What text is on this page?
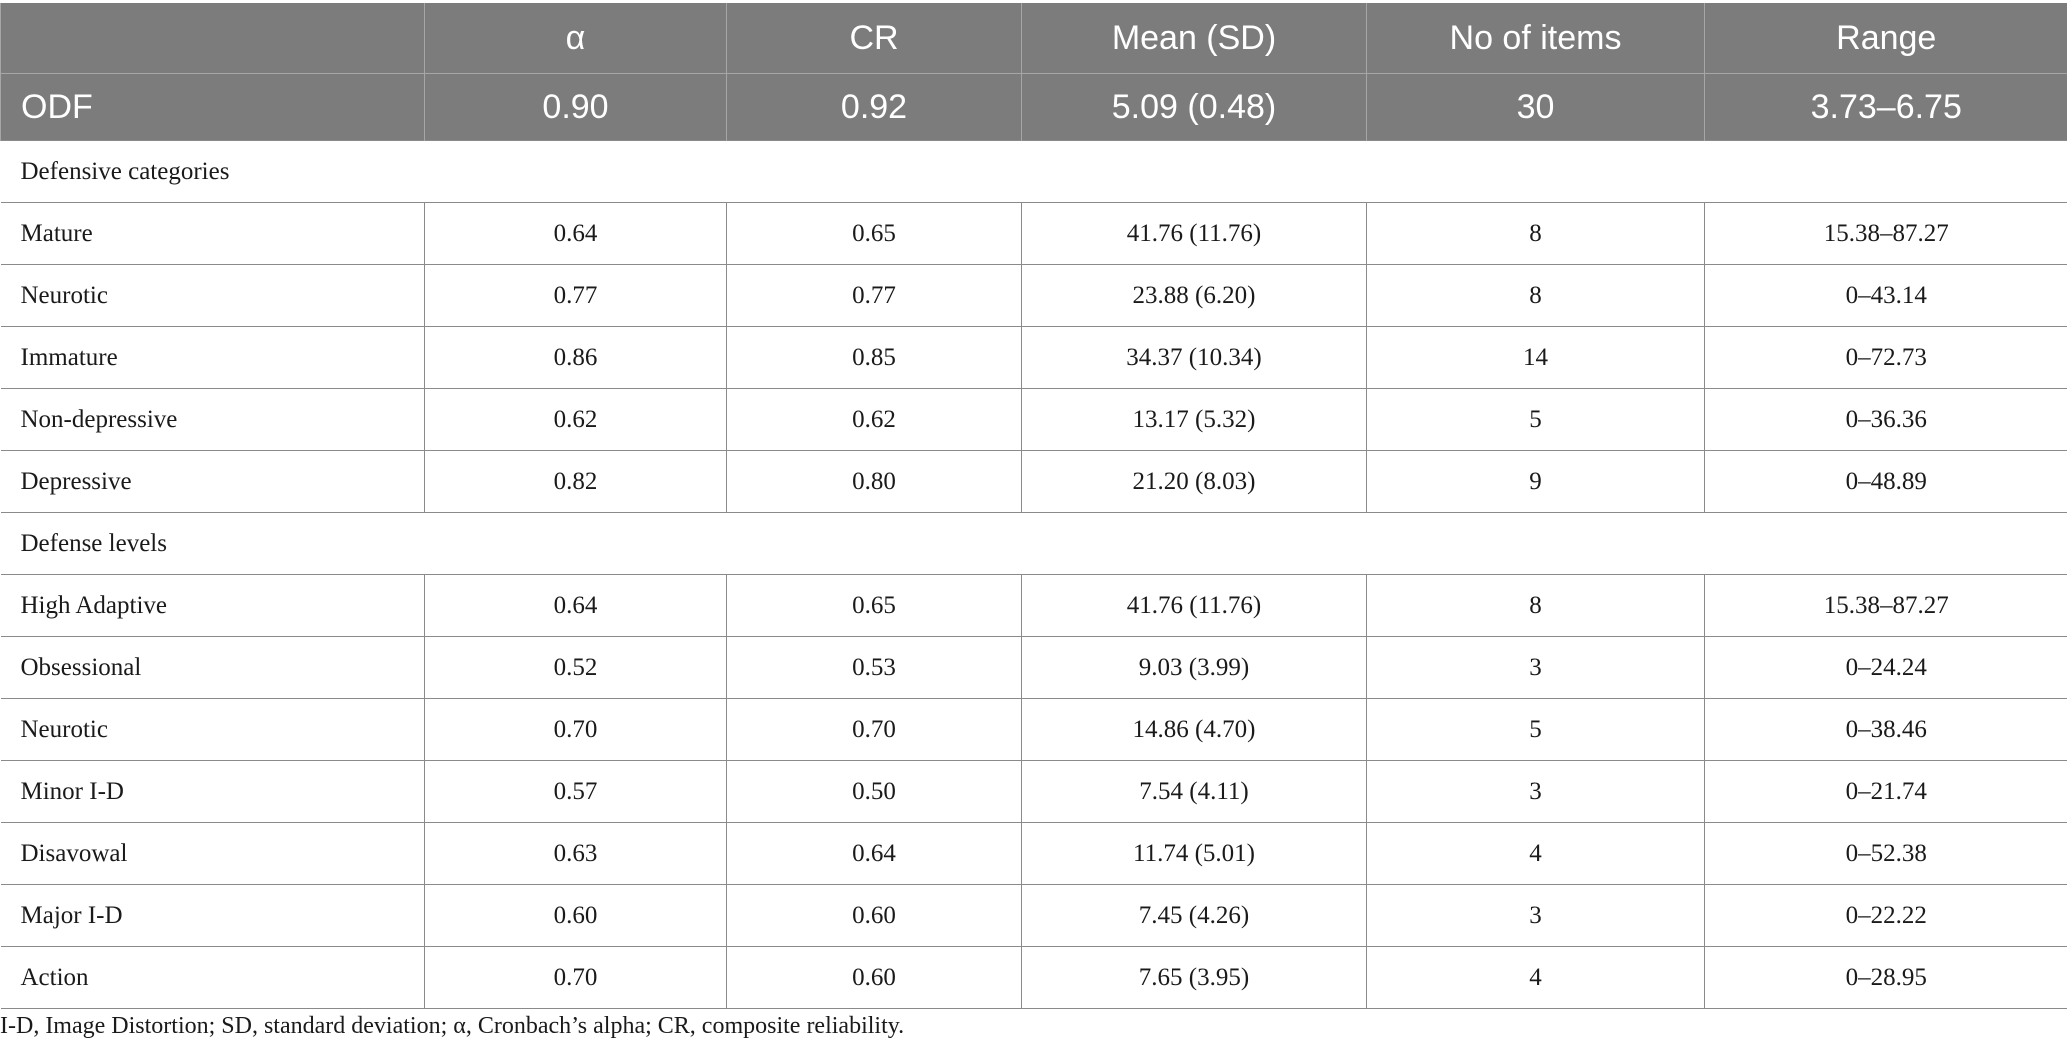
	α	CR	Mean (SD)	No of items	Range
ODF	0.90	0.92	5.09 (0.48)	30	3.73–6.75
Defensive categories					
Mature	0.64	0.65	41.76 (11.76)	8	15.38–87.27
Neurotic	0.77	0.77	23.88 (6.20)	8	0–43.14
Immature	0.86	0.85	34.37 (10.34)	14	0–72.73
Non-depressive	0.62	0.62	13.17 (5.32)	5	0–36.36
Depressive	0.82	0.80	21.20 (8.03)	9	0–48.89
Defense levels					
High Adaptive	0.64	0.65	41.76 (11.76)	8	15.38–87.27
Obsessional	0.52	0.53	9.03 (3.99)	3	0–24.24
Neurotic	0.70	0.70	14.86 (4.70)	5	0–38.46
Minor I-D	0.57	0.50	7.54 (4.11)	3	0–21.74
Disavowal	0.63	0.64	11.74 (5.01)	4	0–52.38
Major I-D	0.60	0.60	7.45 (4.26)	3	0–22.22
Action	0.70	0.60	7.65 (3.95)	4	0–28.95
I-D, Image Distortion; SD, standard deviation; α, Cronbach’s alpha; CR, composite reliability.
